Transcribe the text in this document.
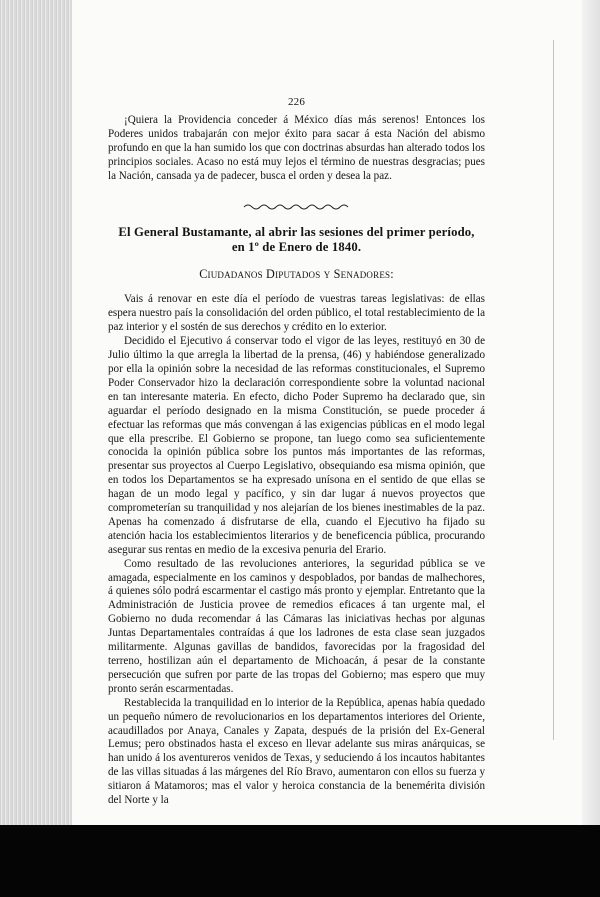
226

¡Quiera la Providencia conceder á México días más serenos! Entonces los Poderes unidos trabajarán con mejor éxito para sacar á esta Nación del abismo profundo en que la han sumido los que con doctrinas absurdas han alterado todos los principios sociales. Acaso no está muy lejos el término de nuestras desgracias; pues la Nación, cansada ya de padecer, busca el orden y desea la paz.

El General Bustamante, al abrir las sesiones del primer período,
en 1º de Enero de 1840.
Ciudadanos Diputados y Senadores:

Vais á renovar en este día el período de vuestras tareas legislativas: de ellas espera nuestro país la consolidación del orden público, el total restablecimiento de la paz interior y el sostén de sus derechos y crédito en lo exterior.

Decidido el Ejecutivo á conservar todo el vigor de las leyes, restituyó en 30 de Julio último la que arregla la libertad de la prensa, (46) y habiéndose generalizado por ella la opinión sobre la necesidad de las reformas constitucionales, el Supremo Poder Conservador hizo la declaración correspondiente sobre la voluntad nacional en tan interesante materia. En efecto, dicho Poder Supremo ha declarado que, sin aguardar el período designado en la misma Constitución, se puede proceder á efectuar las reformas que más convengan á las exigencias públicas en el modo legal que ella prescribe. El Gobierno se propone, tan luego como sea suficientemente conocida la opinión pública sobre los puntos más importantes de las reformas, presentar sus proyectos al Cuerpo Legislativo, obsequiando esa misma opinión, que en todos los Departamentos se ha expresado unísona en el sentido de que ellas se hagan de un modo legal y pacífico, y sin dar lugar á nuevos proyectos que comprometerían su tranquilidad y nos alejarían de los bienes inestimables de la paz. Apenas ha comenzado á disfrutarse de ella, cuando el Ejecutivo ha fijado su atención hacia los establecimientos literarios y de beneficencia pública, procurando asegurar sus rentas en medio de la excesiva penuria del Erario.

Como resultado de las revoluciones anteriores, la seguridad pública se ve amagada, especialmente en los caminos y despoblados, por bandas de malhechores, á quienes sólo podrá escarmentar el castigo más pronto y ejemplar. Entretanto que la Administración de Justicia provee de remedios eficaces á tan urgente mal, el Gobierno no duda recomendar á las Cámaras las iniciativas hechas por algunas Juntas Departamentales contraídas á que los ladrones de esta clase sean juzgados militarmente. Algunas gavillas de bandidos, favorecidas por la fragosidad del terreno, hostilizan aún el departamento de Michoacán, á pesar de la constante persecución que sufren por parte de las tropas del Gobierno; mas espero que muy pronto serán escarmentadas.

Restablecida la tranquilidad en lo interior de la República, apenas había quedado un pequeño número de revolucionarios en los departamentos interiores del Oriente, acaudillados por Anaya, Canales y Zapata, después de la prisión del Ex-General Lemus; pero obstinados hasta el exceso en llevar adelante sus miras anárquicas, se han unido á los aventureros venidos de Texas, y seduciendo á los incautos habitantes de las villas situadas á las márgenes del Río Bravo, aumentaron con ellos su fuerza y sitiaron á Matamoros; mas el valor y heroica constancia de la benemérita división del Norte y la
